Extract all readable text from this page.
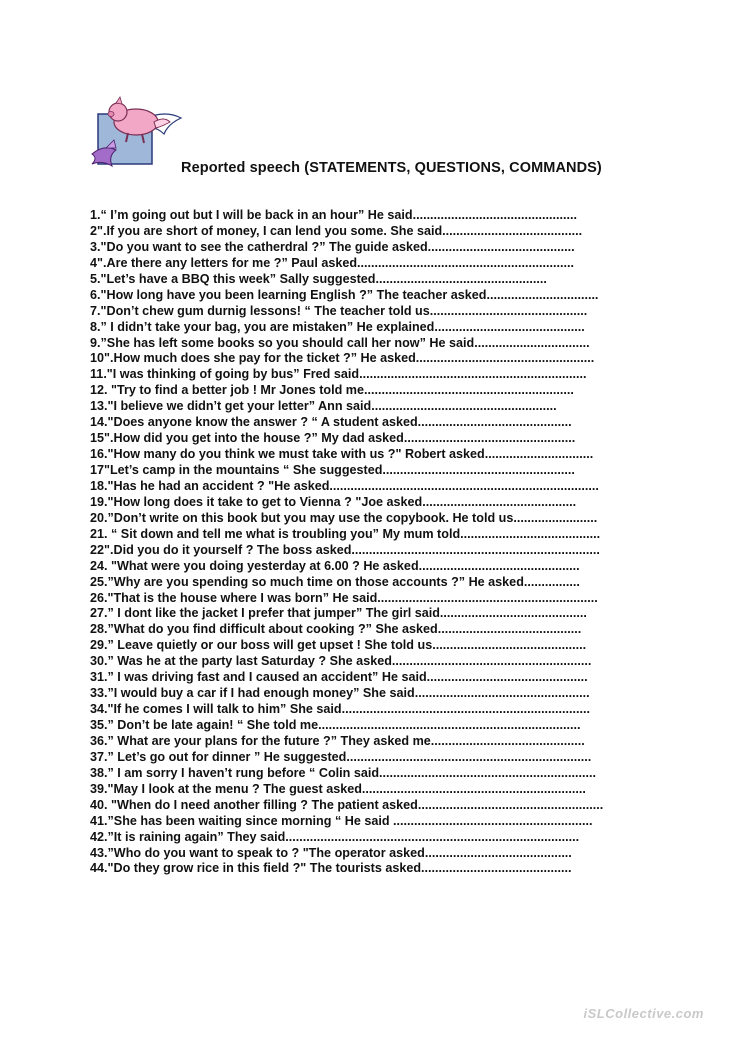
Reported speech (STATEMENTS, QUESTIONS, COMMANDS)
1.“ I’m going out but I will be back in an hour” He said...............................................
2".If you are short of money, I can lend you some. She said........................................
3."Do you want to see the catherdral ?” The guide asked..........................................
4".Are there any letters for me ?” Paul asked..............................................................
5."Let’s have a BBQ this week” Sally suggested.................................................
6."How long have you been learning English ?” The teacher asked................................
7."Don’t chew gum durnig lessons! “ The teacher told us.............................................
8.” I didn’t take your bag, you are mistaken” He explained...........................................
9.”She has left some books so you should call her now” He said.................................
10".How much does she pay for the ticket ?” He asked...................................................
11."I was thinking of going by bus” Fred said.................................................................
12. "Try to find a better job ! Mr Jones told me............................................................
13."I believe we didn’t get your letter” Ann said.....................................................
14."Does anyone know the answer ? “ A student asked............................................
15".How did you get into the house ?” My dad asked.................................................
16."How many do you think we must take with us ?" Robert asked...............................
17"Let’s camp in the mountains “ She suggested.......................................................
18."Has he had an accident ? "He asked.............................................................................
19."How long does it take to get to Vienna ? "Joe asked............................................
20.”Don’t write on this book but you may use the copybook. He told us........................
21. “ Sit down and tell me what is troubling you” My mum told........................................
22".Did you do it yourself ? The boss asked.......................................................................
24. "What were you doing yesterday at 6.00 ? He asked..............................................
25.”Why are you spending so much time on those accounts ?” He asked................
26."That is the house where I was born” He said...............................................................
27.” I dont like the jacket I prefer that jumper” The girl said..........................................
28.”What do you find difficult about cooking ?” She asked.........................................
29.” Leave quietly or our boss will get upset ! She told us............................................
30.” Was he at the party last Saturday ? She asked.........................................................
31.” I was driving fast and I caused an accident” He said..............................................
33.”I would buy a car if I had enough money” She said..................................................
34."If he comes I will talk to him” She said.......................................................................
35.” Don’t be late again! “ She told me...........................................................................
36.” What are your plans for the future ?” They asked me............................................
37.” Let’s go out for dinner ” He suggested......................................................................
38.” I am sorry I haven’t rung before “ Colin said..............................................................
39."May I look at the menu ? The guest asked................................................................
40. "When do I need another filling ? The patient asked.....................................................
41.”She has been waiting since morning “ He said .........................................................
42.”It is raining again” They said....................................................................................
43.”Who do you want to speak to ? "The operator asked..........................................
44."Do they grow rice in this field ?" The tourists asked...........................................
iSLCollective.com
